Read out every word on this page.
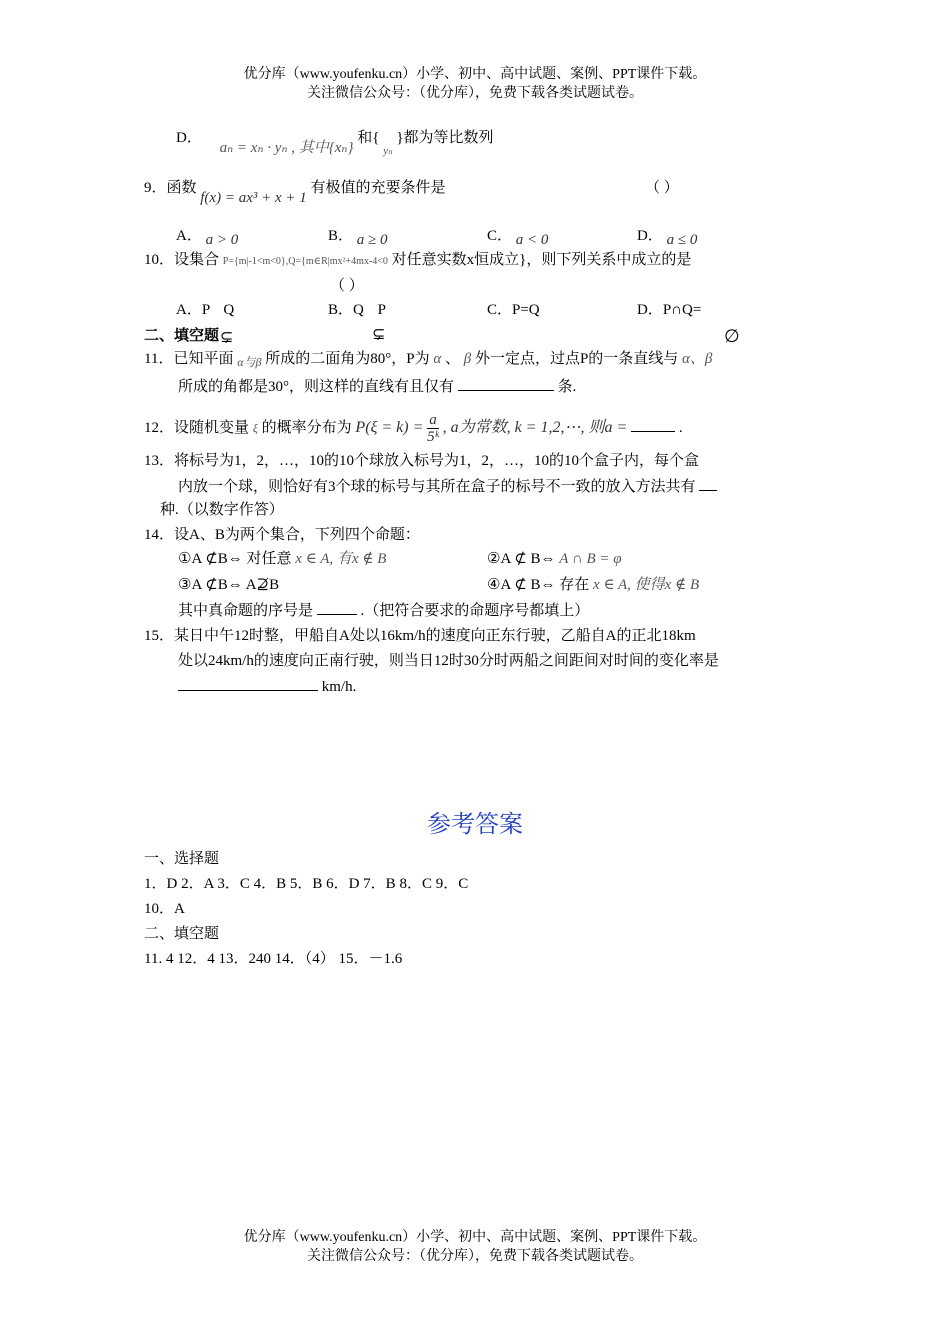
优分库（www.youfenku.cn）小学、初中、高中试题、案例、PPT课件下载。
关注微信公众号：（优分库），免费下载各类试题试卷。
D． aₙ = xₙ · yₙ , 其中{xₙ} 和{ $_{y_n}$ }都为等比数列
9．函数 f(x) = ax³ + x + 1 有极值的充要条件是	（ ）
A． a > 0	B． a ≥ 0	C． a < 0	D． a ≤ 0
10．设集合 P={m|-1<m<0},Q={m∈R|mx²+4mx-4<0 对任意实数x恒成立}，则下列关系中成立的是
（ ）
A．P Q	B．Q P	C．P=Q	D．P∩Q=
二、填空题 ⊊	⊊	∅
11．已知平面 $_{\alpha 与\beta}$ 所成的二面角为80°，P为 α 、 β 外一定点，过点P的一条直线与 α、β
所成的角都是30°，则这样的直线有且仅有	条.
12．设随机变量 ξ 的概率分布为 $P(\xi = k) = \frac{a}{\text{5ᵏ}}$ , a为常数, k = 1,2,⋯, 则a =	.
13．将标号为1，2，…，10的10个球放入标号为1，2，…，10的10个盒子内，每个盒
内放一个球，则恰好有3个球的标号与其所在盒子的标号不一致的放入方法共有
种.（以数字作答）
14．设A、B为两个集合，下列四个命题：
①A ⊄B⇔ 对任意 x ∈ A, 有x ∉ B	②A ⊄ B⇔ A ∩ B = φ
③A ⊄B⇔ A⊉B	④A ⊄ B⇔ 存在 x ∈ A, 使得x ∉ B
其中真命题的序号是	.（把符合要求的命题序号都填上）
15．某日中午12时整，甲船自A处以16km/h的速度向正东行驶，乙船自A的正北18km
处以24km/h的速度向正南行驶，则当日12时30分时两船之间距间对时间的变化率是
km/h.
参考答案
一、选择题
1．D 2．A 3．C 4．B 5．B 6．D 7．B 8．C 9．C
10．A
二、填空题
11. 4 12．4 13．240 14．（4） 15．－1.6
优分库（www.youfenku.cn）小学、初中、高中试题、案例、PPT课件下载。
关注微信公众号：（优分库），免费下载各类试题试卷。
